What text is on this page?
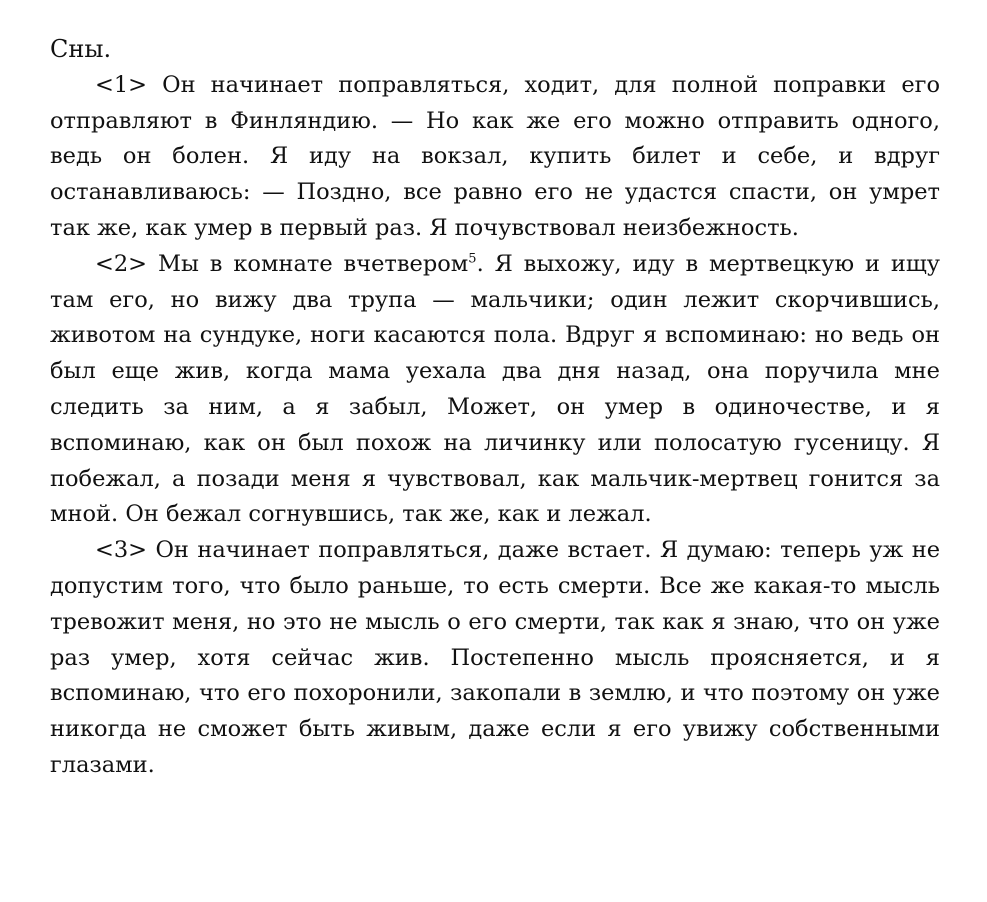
Сны.

<1> Он начинает поправляться, ходит, для полной поправки его отправляют в Финляндию. — Но как же его можно отправить одного, ведь он болен. Я иду на вокзал, купить билет и себе, и вдруг останавливаюсь: — Поздно, все равно его не удастся спасти, он умрет так же, как умер в первый раз. Я почувствовал неизбежность.

<2> Мы в комнате вчетвером$^5$. Я выхожу, иду в мертвецкую и ищу там его, но вижу два трупа — мальчики; один лежит скорчившись, животом на сундуке, ноги касаются пола. Вдруг я вспоминаю: но ведь он был еще жив, когда мама уехала два дня назад, она поручила мне следить за ним, а я забыл, Может, он умер в одиночестве, и я вспоминаю, как он был похож на личинку или полосатую гусеницу. Я побежал, а позади меня я чувствовал, как мальчик-мертвец гонится за мной. Он бежал согнувшись, так же, как и лежал.

<3> Он начинает поправляться, даже встает. Я думаю: теперь уж не допустим того, что было раньше, то есть смерти. Все же какая-то мысль тревожит меня, но это не мысль о его смерти, так как я знаю, что он уже раз умер, хотя сейчас жив. Постепенно мысль проясняется, и я вспоминаю, что его похоронили, закопали в землю, и что поэтому он уже никогда не сможет быть живым, даже если я его увижу собственными глазами.
